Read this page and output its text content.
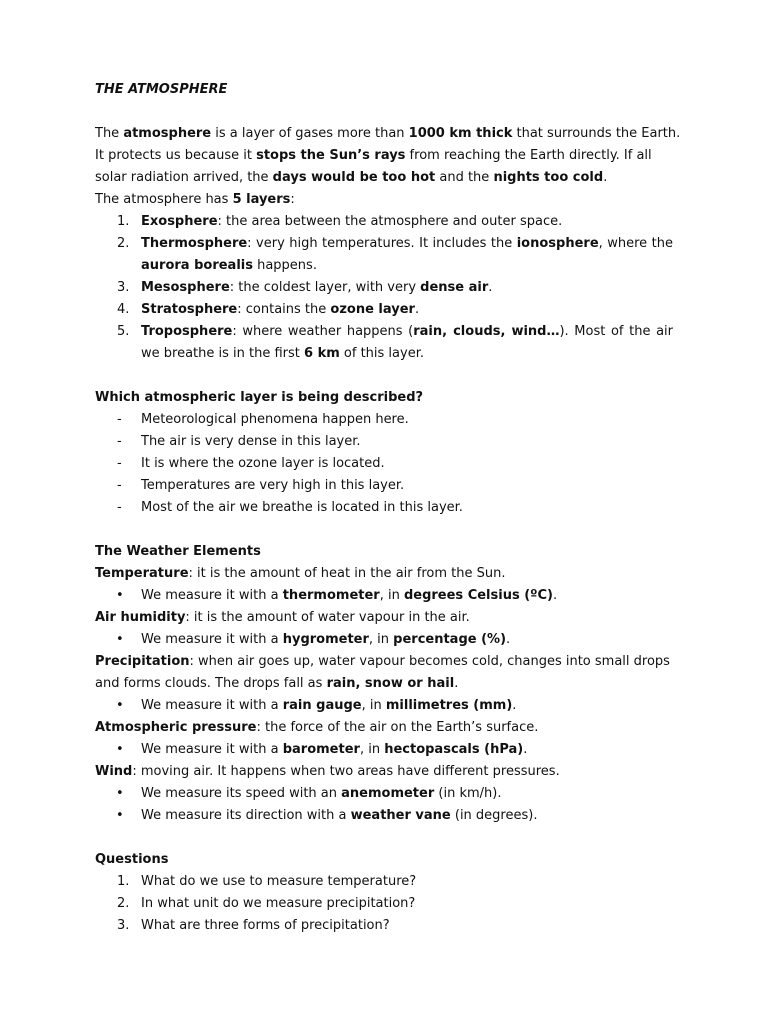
THE ATMOSPHERE
The atmosphere is a layer of gases more than 1000 km thick that surrounds the Earth.
It protects us because it stops the Sun’s rays from reaching the Earth directly. If all
solar radiation arrived, the days would be too hot and the nights too cold.
The atmosphere has 5 layers:
1. Exosphere: the area between the atmosphere and outer space.
2. Thermosphere: very high temperatures. It includes the ionosphere, where the aurora borealis happens.
3. Mesosphere: the coldest layer, with very dense air.
4. Stratosphere: contains the ozone layer.
5. Troposphere: where weather happens (rain, clouds, wind…). Most of the air we breathe is in the first 6 km of this layer.
Which atmospheric layer is being described?
- Meteorological phenomena happen here.
- The air is very dense in this layer.
- It is where the ozone layer is located.
- Temperatures are very high in this layer.
- Most of the air we breathe is located in this layer.
The Weather Elements
Temperature: it is the amount of heat in the air from the Sun.
• We measure it with a thermometer, in degrees Celsius (ºC).
Air humidity: it is the amount of water vapour in the air.
• We measure it with a hygrometer, in percentage (%).
Precipitation: when air goes up, water vapour becomes cold, changes into small drops
and forms clouds. The drops fall as rain, snow or hail.
• We measure it with a rain gauge, in millimetres (mm).
Atmospheric pressure: the force of the air on the Earth’s surface.
• We measure it with a barometer, in hectopascals (hPa).
Wind: moving air. It happens when two areas have different pressures.
• We measure its speed with an anemometer (in km/h).
• We measure its direction with a weather vane (in degrees).
Questions
1. What do we use to measure temperature?
2. In what unit do we measure precipitation?
3. What are three forms of precipitation?
